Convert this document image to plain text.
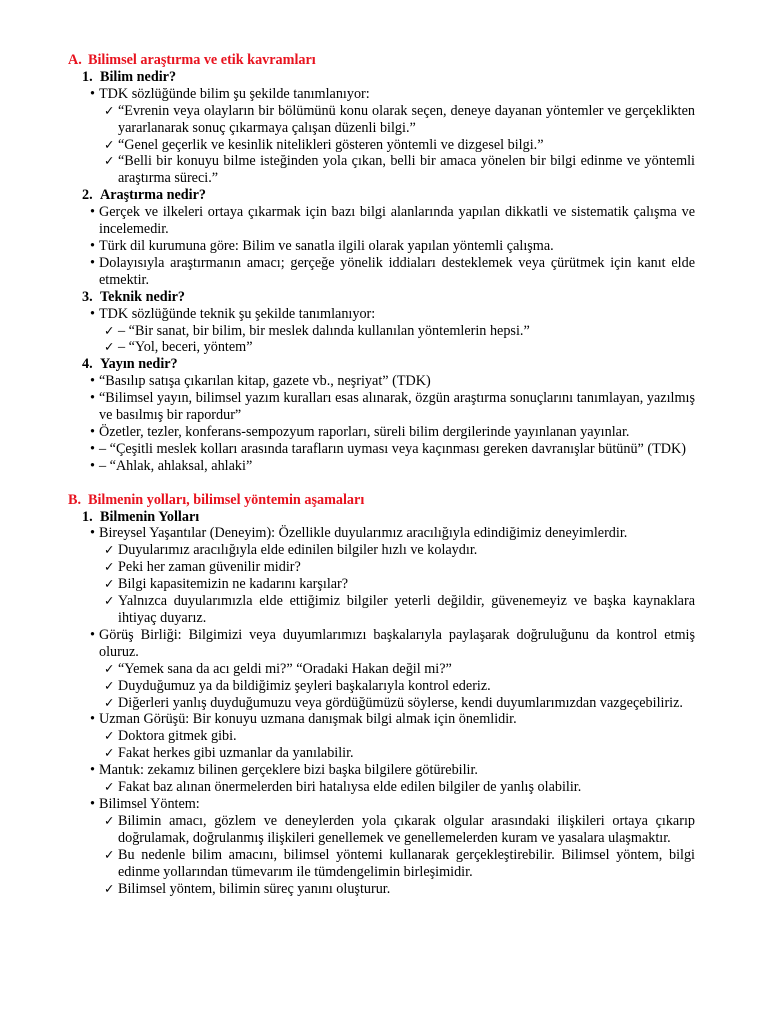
A. Bilimsel araştırma ve etik kavramları
1. Bilim nedir?
• TDK sözlüğünde bilim şu şekilde tanımlanıyor:
✓ “Evrenin veya olayların bir bölümünü konu olarak seçen, deneye dayanan yöntemler ve gerçeklikten yararlanarak sonuç çıkarmaya çalışan düzenli bilgi.”
✓ “Genel geçerlik ve kesinlik nitelikleri gösteren yöntemli ve dizgesel bilgi.”
✓ “Belli bir konuyu bilme isteğinden yola çıkan, belli bir amaca yönelen bir bilgi edinme ve yöntemli araştırma süreci.”
2. Araştırma nedir?
• Gerçek ve ilkeleri ortaya çıkarmak için bazı bilgi alanlarında yapılan dikkatli ve sistematik çalışma ve incelemedir.
• Türk dil kurumuna göre: Bilim ve sanatla ilgili olarak yapılan yöntemli çalışma.
• Dolayısıyla araştırmanın amacı; gerçeğe yönelik iddiaları desteklemek veya çürütmek için kanıt elde etmektir.
3. Teknik nedir?
• TDK sözlüğünde teknik şu şekilde tanımlanıyor:
✓ – “Bir sanat, bir bilim, bir meslek dalında kullanılan yöntemlerin hepsi.”
✓ – “Yol, beceri, yöntem”
4. Yayın nedir?
• “Basılıp satışa çıkarılan kitap, gazete vb., neşriyat” (TDK)
• “Bilimsel yayın, bilimsel yazım kuralları esas alınarak, özgün araştırma sonuçlarını tanımlayan, yazılmış ve basılmış bir rapordur”
• Özetler, tezler, konferans-sempozyum raporları, süreli bilim dergilerinde yayınlanan yayınlar.
• – “Çeşitli meslek kolları arasında tarafların uyması veya kaçınması gereken davranışlar bütünü” (TDK)
• – “Ahlak, ahlaksal, ahlaki”
B. Bilmenin yolları, bilimsel yöntemin aşamaları
1. Bilmenin Yolları
• Bireysel Yaşantılar (Deneyim): Özellikle duyularımız aracılığıyla edindiğimiz deneyimlerdir.
✓ Duyularımız aracılığıyla elde edinilen bilgiler hızlı ve kolaydır.
✓ Peki her zaman güvenilir midir?
✓ Bilgi kapasitemizin ne kadarını karşılar?
✓ Yalnızca duyularımızla elde ettiğimiz bilgiler yeterli değildir, güvenemeyiz ve başka kaynaklara ihtiyaç duyarız.
• Görüş Birliği: Bilgimizi veya duyumlarımızı başkalarıyla paylaşarak doğruluğunu da kontrol etmiş oluruz.
✓ “Yemek sana da acı geldi mi?” “Oradaki Hakan değil mi?”
✓ Duyduğumuz ya da bildiğimiz şeyleri başkalarıyla kontrol ederiz.
✓ Diğerleri yanlış duyduğumuzu veya gördüğümüzü söylerse, kendi duyumlarımızdan vazgeçebiliriz.
• Uzman Görüşü: Bir konuyu uzmana danışmak bilgi almak için önemlidir.
✓ Doktora gitmek gibi.
✓ Fakat herkes gibi uzmanlar da yanılabilir.
• Mantık: zekamız bilinen gerçeklere bizi başka bilgilere götürebilir.
✓ Fakat baz alınan önermelerden biri hatalıysa elde edilen bilgiler de yanlış olabilir.
• Bilimsel Yöntem:
✓ Bilimin amacı, gözlem ve deneylerden yola çıkarak olgular arasındaki ilişkileri ortaya çıkarıp doğrulamak, doğrulanmış ilişkileri genellemek ve genellemelerden kuram ve yasalara ulaşmaktır.
✓ Bu nedenle bilim amacını, bilimsel yöntemi kullanarak gerçekleştirebilir. Bilimsel yöntem, bilgi edinme yollarından tümevarım ile tümdengelimin birleşimidir.
✓ Bilimsel yöntem, bilimin süreç yanını oluşturur.
